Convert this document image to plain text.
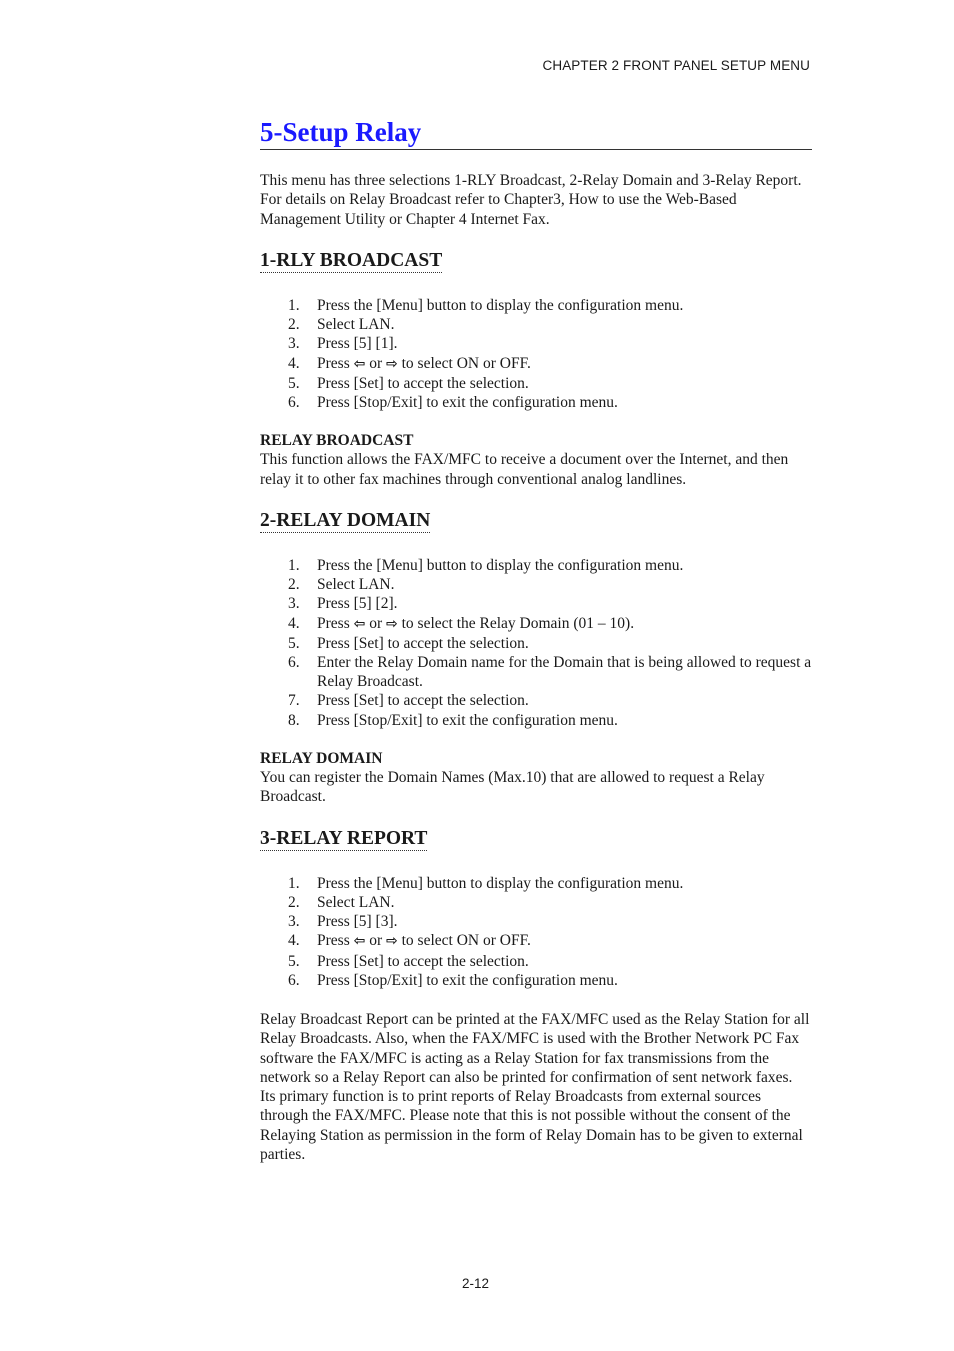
CHAPTER 2 FRONT PANEL SETUP MENU
5-Setup Relay

This menu has three selections 1-RLY Broadcast, 2-Relay Domain and 3-Relay Report. For details on Relay Broadcast refer to Chapter3, How to use the Web-Based Management Utility or Chapter 4 Internet Fax.

1-RLY BROADCAST
1. Press the [Menu] button to display the configuration menu.
2. Select LAN.
3. Press [5] [1].
4. Press ⇦ or ⇨ to select ON or OFF.
5. Press [Set] to accept the selection.
6. Press [Stop/Exit] to exit the configuration menu.
RELAY BROADCAST

This function allows the FAX/MFC to receive a document over the Internet, and then relay it to other fax machines through conventional analog landlines.

2-RELAY DOMAIN
1. Press the [Menu] button to display the configuration menu.
2. Select LAN.
3. Press [5] [2].
4. Press ⇦ or ⇨ to select the Relay Domain (01 – 10).
5. Press [Set] to accept the selection.
6. Enter the Relay Domain name for the Domain that is being allowed to request a Relay Broadcast.
7. Press [Set] to accept the selection.
8. Press [Stop/Exit] to exit the configuration menu.
RELAY DOMAIN

You can register the Domain Names (Max.10) that are allowed to request a Relay Broadcast.

3-RELAY REPORT
1. Press the [Menu] button to display the configuration menu.
2. Select LAN.
3. Press [5] [3].
4. Press ⇦ or ⇨ to select ON or OFF.
5. Press [Set] to accept the selection.
6. Press [Stop/Exit] to exit the configuration menu.

Relay Broadcast Report can be printed at the FAX/MFC used as the Relay Station for all Relay Broadcasts. Also, when the FAX/MFC is used with the Brother Network PC Fax software the FAX/MFC is acting as a Relay Station for fax transmissions from the network so a Relay Report can also be printed for confirmation of sent network faxes.

Its primary function is to print reports of Relay Broadcasts from external sources through the FAX/MFC. Please note that this is not possible without the consent of the Relaying Station as permission in the form of Relay Domain has to be given to external parties.

2-12
